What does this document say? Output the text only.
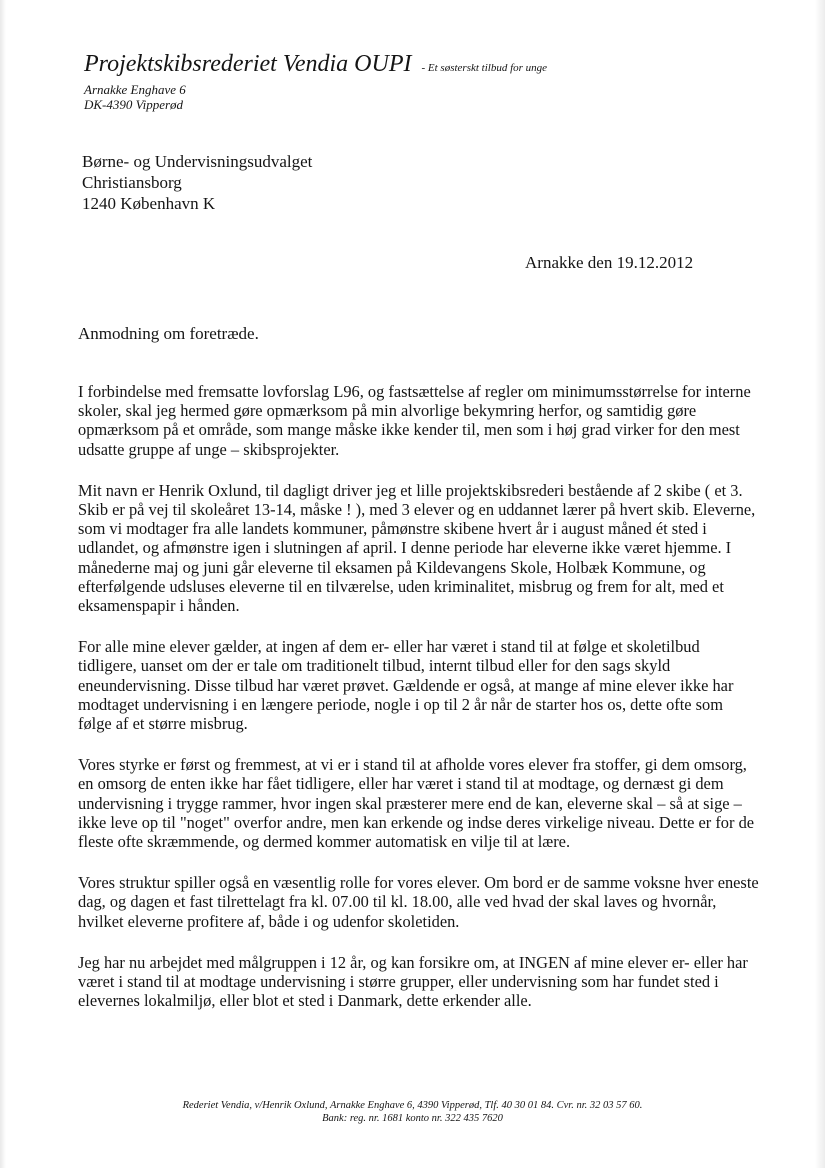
Projektskibsrederiet Vendia OUPI - Et søsterskt tilbud for unge
Arnakke Enghave 6
DK-4390 Vipperød
Børne- og Undervisningsudvalget
Christiansborg
1240 København K
Arnakke den 19.12.2012
Anmodning om foretræde.

I forbindelse med fremsatte lovforslag L96, og fastsættelse af regler om minimumsstørrelse for interne skoler, skal jeg hermed gøre opmærksom på min alvorlige bekymring herfor, og samtidig gøre opmærksom på et område, som mange måske ikke kender til, men som i høj grad virker for den mest udsatte gruppe af unge – skibsprojekter.

Mit navn er Henrik Oxlund, til dagligt driver jeg et lille projektskibsrederi bestående af 2 skibe ( et 3. Skib er på vej til skoleåret 13-14, måske ! ), med 3 elever og en uddannet lærer på hvert skib. Eleverne, som vi modtager fra alle landets kommuner, påmønstre skibene hvert år i august måned ét sted i udlandet, og afmønstre igen i slutningen af april. I denne periode har eleverne ikke været hjemme. I månederne maj og juni går eleverne til eksamen på Kildevangens Skole, Holbæk Kommune, og efterfølgende udsluses eleverne til en tilværelse, uden kriminalitet, misbrug og frem for alt, med et eksamenspapir i hånden.

For alle mine elever gælder, at ingen af dem er- eller har været i stand til at følge et skoletilbud tidligere, uanset om der er tale om traditionelt tilbud, internt tilbud eller for den sags skyld eneundervisning. Disse tilbud har været prøvet. Gældende er også, at mange af mine elever ikke har modtaget undervisning i en længere periode, nogle i op til 2 år når de starter hos os, dette ofte som følge af et større misbrug.

Vores styrke er først og fremmest, at vi er i stand til at afholde vores elever fra stoffer, gi dem omsorg, en omsorg de enten ikke har fået tidligere, eller har været i stand til at modtage, og dernæst gi dem undervisning i trygge rammer, hvor ingen skal præsterer mere end de kan, eleverne skal – så at sige – ikke leve op til "noget" overfor andre, men kan erkende og indse deres virkelige niveau. Dette er for de fleste ofte skræmmende, og dermed kommer automatisk en vilje til at lære.

Vores struktur spiller også en væsentlig rolle for vores elever. Om bord er de samme voksne hver eneste dag, og dagen et fast tilrettelagt fra kl. 07.00 til kl. 18.00, alle ved hvad der skal laves og hvornår, hvilket eleverne profitere af, både i og udenfor skoletiden.

Jeg har nu arbejdet med målgruppen i 12 år, og kan forsikre om, at INGEN af mine elever er- eller har været i stand til at modtage undervisning i større grupper, eller undervisning som har fundet sted i elevernes lokalmiljø, eller blot et sted i Danmark, dette erkender alle.

Rederiet Vendia, v/Henrik Oxlund, Arnakke Enghave 6, 4390 Vipperød, Tlf. 40 30 01 84. Cvr. nr. 32 03 57 60.
Bank: reg. nr. 1681 konto nr. 322 435 7620
